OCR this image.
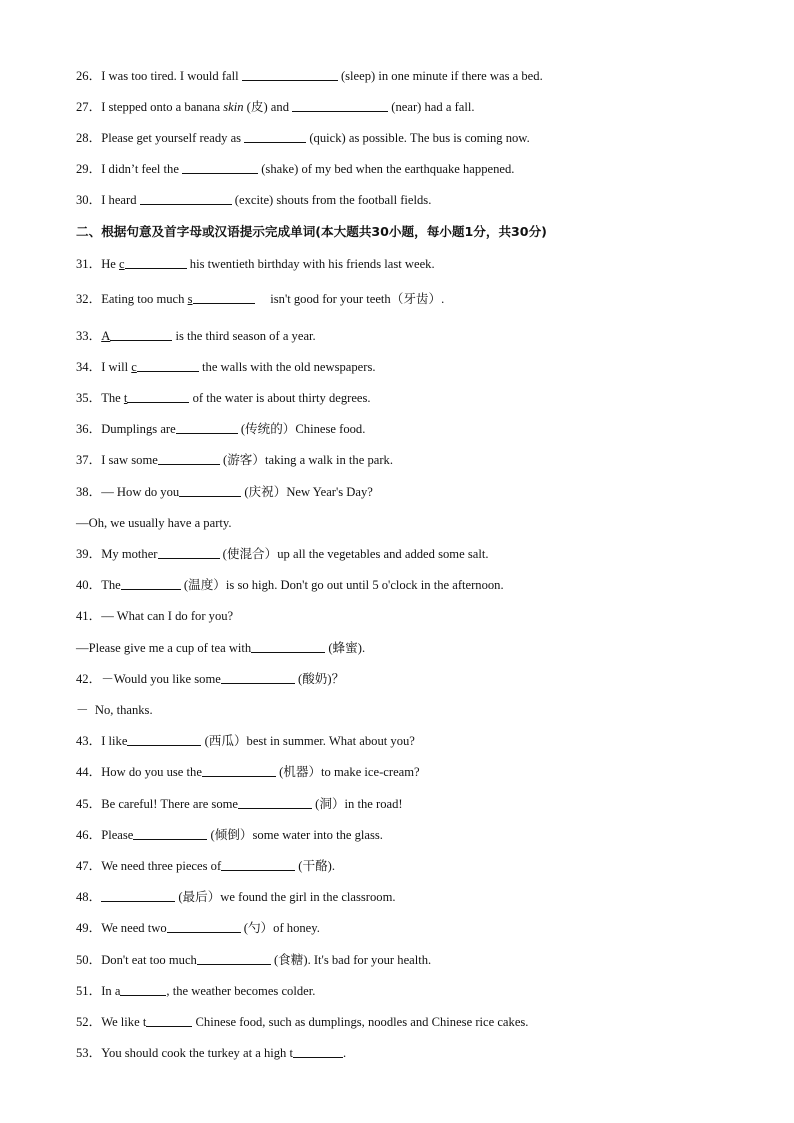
26．I was too tired. I would fall	(sleep) in one minute if there was a bed.
27．I stepped onto a banana skin (皮) and	(near) had a fall.
28．Please get yourself ready as	(quick) as possible. The bus is coming now.
29．I didn’t feel the	(shake) of my bed when the earthquake happened.
30．I heard	(excite) shouts from the football fields.
二、根据句意及首字母或汉语提示完成单词(本大题共30小题，每小题1分，共30分)
31．He c	his twentieth birthday with his friends last week.
32．Eating too much s	isn't good for your teeth（牙齿）.
33．A	is the third season of a year.
34．I will c	the walls with the old newspapers.
35．The t	of the water is about thirty degrees.
36．Dumplings are	(传统的）Chinese food.
37．I saw some	(游客）taking a walk in the park.
38．— How do you	(庆祝）New Year's Day?
—Oh, we usually have a party.
39．My mother	(使混合）up all the vegetables and added some salt.
40．The	(温度）is so high. Don't go out until 5 o'clock in the afternoon.
41．— What can I do for you?
—Please give me a cup of tea with	(蜂蜜).
42．－Would you like some	(酸奶)？
－  No, thanks.
43．I like	(西瓜）best in summer. What about you?
44．How do you use the	(机器）to make ice-cream?
45．Be careful! There are some	(洞）in the road!
46．Please	(倾倒）some water into the glass.
47．We need three pieces of	(干酪).
48．	(最后）we found the girl in the classroom.
49．We need two	(勺）of honey.
50．Don't eat too much	(食糖). It's bad for your health.
51．In a	, the weather becomes colder.
52．We like t	Chinese food, such as dumplings, noodles and Chinese rice cakes.
53．You should cook the turkey at a high t	.
